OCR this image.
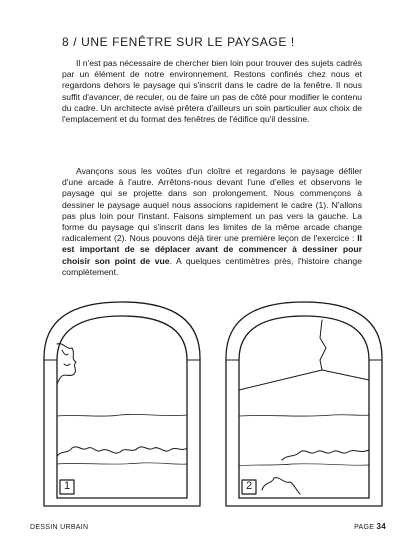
8 / UNE FENÊTRE SUR LE PAYSAGE !

Il n'est pas nécessaire de chercher bien loin pour trouver des sujets cadrés par un élément de notre environnement. Restons confinés chez nous et regardons dehors le paysage qui s'inscrit dans le cadre de la fenêtre. Il nous suffit d'avancer, de reculer, ou de faire un pas de côté pour modifier le contenu du cadre. Un architecte avisé prêtera d'ailleurs un soin particulier aux choix de l'emplacement et du format des fenêtres de l'édifice qu'il dessine.

Avançons sous les voûtes d'un cloître et regardons le paysage défiler d'une arcade à l'autre. Arrêtons-nous devant l'une d'elles et observons le paysage qui se projette dans son prolongement. Nous commençons à dessiner le paysage auquel nous associons rapidement le cadre (1). N'allons pas plus loin pour l'instant. Faisons simplement un pas vers la gauche. La forme du paysage qui s'inscrit dans les limites de la même arcade change radicalement (2). Nous pouvons déjà tirer une première leçon de l'exercice : Il est important de se déplacer avant de commencer à dessiner pour choisir son point de vue. A quelques centimètres près, l'histoire change complètement.

1	2
DESSIN URBAIN	PAGE 34
